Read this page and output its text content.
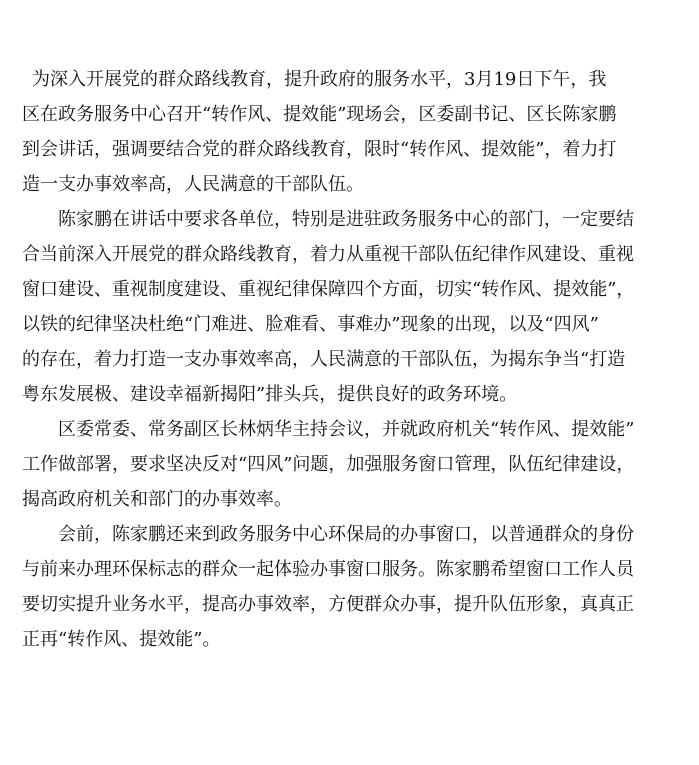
为深入开展党的群众路线教育，提升政府的服务水平，3月19日下午，我
区在政务服务中心召开“转作风、提效能”现场会，区委副书记、区长陈家鹏
到会讲话，强调要结合党的群众路线教育，限时“转作风、提效能”，着力打
造一支办事效率高，人民满意的干部队伍。

陈家鹏在讲话中要求各单位，特别是进驻政务服务中心的部门，一定要结
合当前深入开展党的群众路线教育，着力从重视干部队伍纪律作风建设、重视
窗口建设、重视制度建设、重视纪律保障四个方面，切实“转作风、提效能”，
以铁的纪律坚决杜绝“门难进、脸难看、事难办”现象的出现，以及“四风”
的存在，着力打造一支办事效率高，人民满意的干部队伍，为揭东争当“打造
粤东发展极、建设幸福新揭阳”排头兵，提供良好的政务环境。

区委常委、常务副区长林炳华主持会议，并就政府机关“转作风、提效能”
工作做部署，要求坚决反对“四风”问题，加强服务窗口管理，队伍纪律建设，
揭高政府机关和部门的办事效率。

会前，陈家鹏还来到政务服务中心环保局的办事窗口，以普通群众的身份
与前来办理环保标志的群众一起体验办事窗口服务。陈家鹏希望窗口工作人员
要切实提升业务水平，提高办事效率，方便群众办事，提升队伍形象，真真正
正再“转作风、提效能”。
